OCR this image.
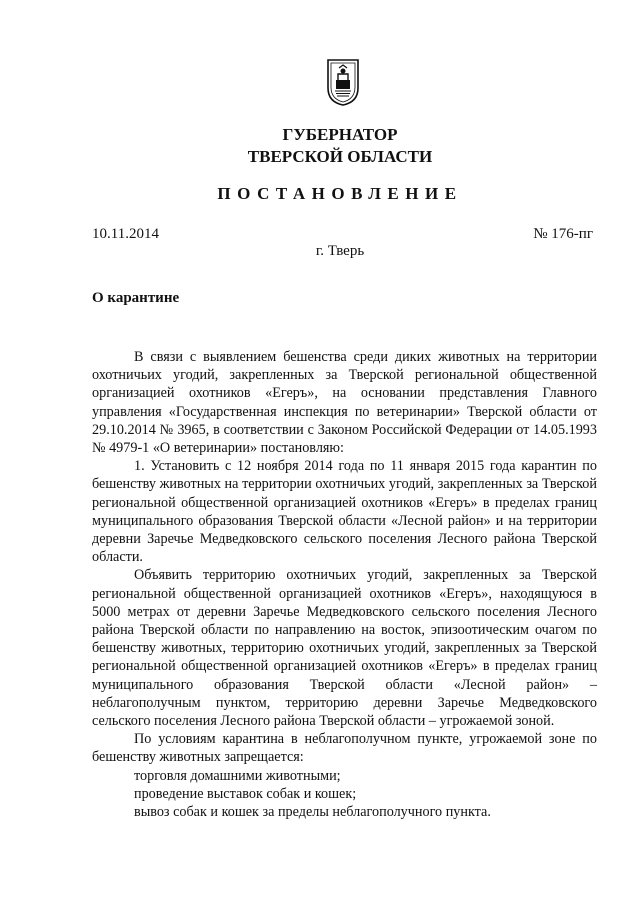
ГУБЕРНАТОР
ТВЕРСКОЙ ОБЛАСТИ
ПОСТАНОВЛЕНИЕ
10.11.2014	№ 176-пг
г. Тверь
О карантине

В связи с выявлением бешенства среди диких животных на территории охотничьих угодий, закрепленных за Тверской региональной общественной организацией охотников «Егеръ», на основании представления Главного управления «Государственная инспекция по ветеринарии» Тверской области от 29.10.2014 № 3965, в соответствии с Законом Российской Федерации от 14.05.1993 № 4979-1 «О ветеринарии» постановляю:

1. Установить с 12 ноября 2014 года по 11 января 2015 года карантин по бешенству животных на территории охотничьих угодий, закрепленных за Тверской региональной общественной организацией охотников «Егеръ» в пределах границ муниципального образования Тверской области «Лесной район» и на территории деревни Заречье Медведковского сельского поселения Лесного района Тверской области.

Объявить территорию охотничьих угодий, закрепленных за Тверской региональной общественной организацией охотников «Егеръ», находящуюся в 5000 метрах от деревни Заречье Медведковского сельского поселения Лесного района Тверской области по направлению на восток, эпизоотическим очагом по бешенству животных, территорию охотничьих угодий, закрепленных за Тверской региональной общественной организацией охотников «Егеръ» в пределах границ муниципального образования Тверской области «Лесной район» – неблагополучным пунктом, территорию деревни Заречье Медведковского сельского поселения Лесного района Тверской области – угрожаемой зоной.

По условиям карантина в неблагополучном пункте, угрожаемой зоне по бешенству животных запрещается:

торговля домашними животными;

проведение выставок собак и кошек;

вывоз собак и кошек за пределы неблагополучного пункта.
